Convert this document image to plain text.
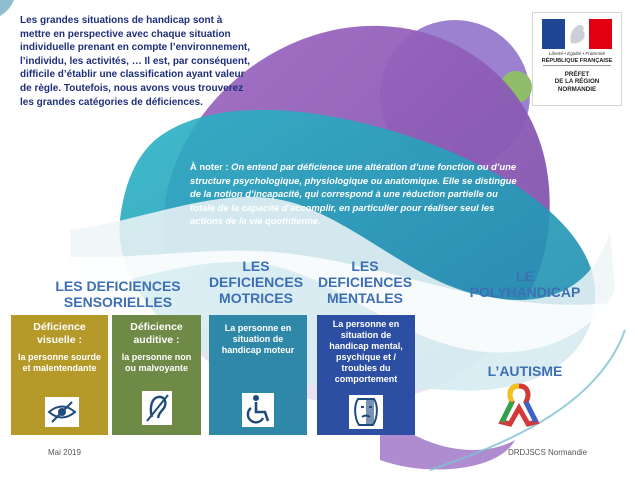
Les grandes situations de handicap sont à mettre en perspective avec chaque situation individuelle prenant en compte l’environnement, l’individu, les activités, … Il est, par conséquent, difficile d’établir une classification ayant valeur de règle. Toutefois, nous avons vous trouverez les grandes catégories de déficiences.

Liberté • Égalité • Fraternité
RÉPUBLIQUE FRANÇAISE
PRÉFET
DE LA RÉGION
NORMANDIE

À noter : On entend par déficience une altération d’une fonction ou d’une structure psychologique, physiologique ou anatomique. Elle se distingue de la notion d’incapacité, qui correspond à une réduction partielle ou totale de la capacité d’accomplir, en particulier pour réaliser seul les actions de la vie quotidienne.

LES DEFICIENCES SENSORIELLES

LES DEFICIENCES MOTRICES

LES DEFICIENCES MENTALES

LE POLYHANDICAP

L’AUTISME

Déficience visuelle :
la personne sourde et malentendante
Déficience auditive :
la personne non ou malvoyante
La personne en situation de handicap moteur
La personne en situation de handicap mental, psychique et / troubles du comportement
Mai 2019	DRDJSCS Normandie
